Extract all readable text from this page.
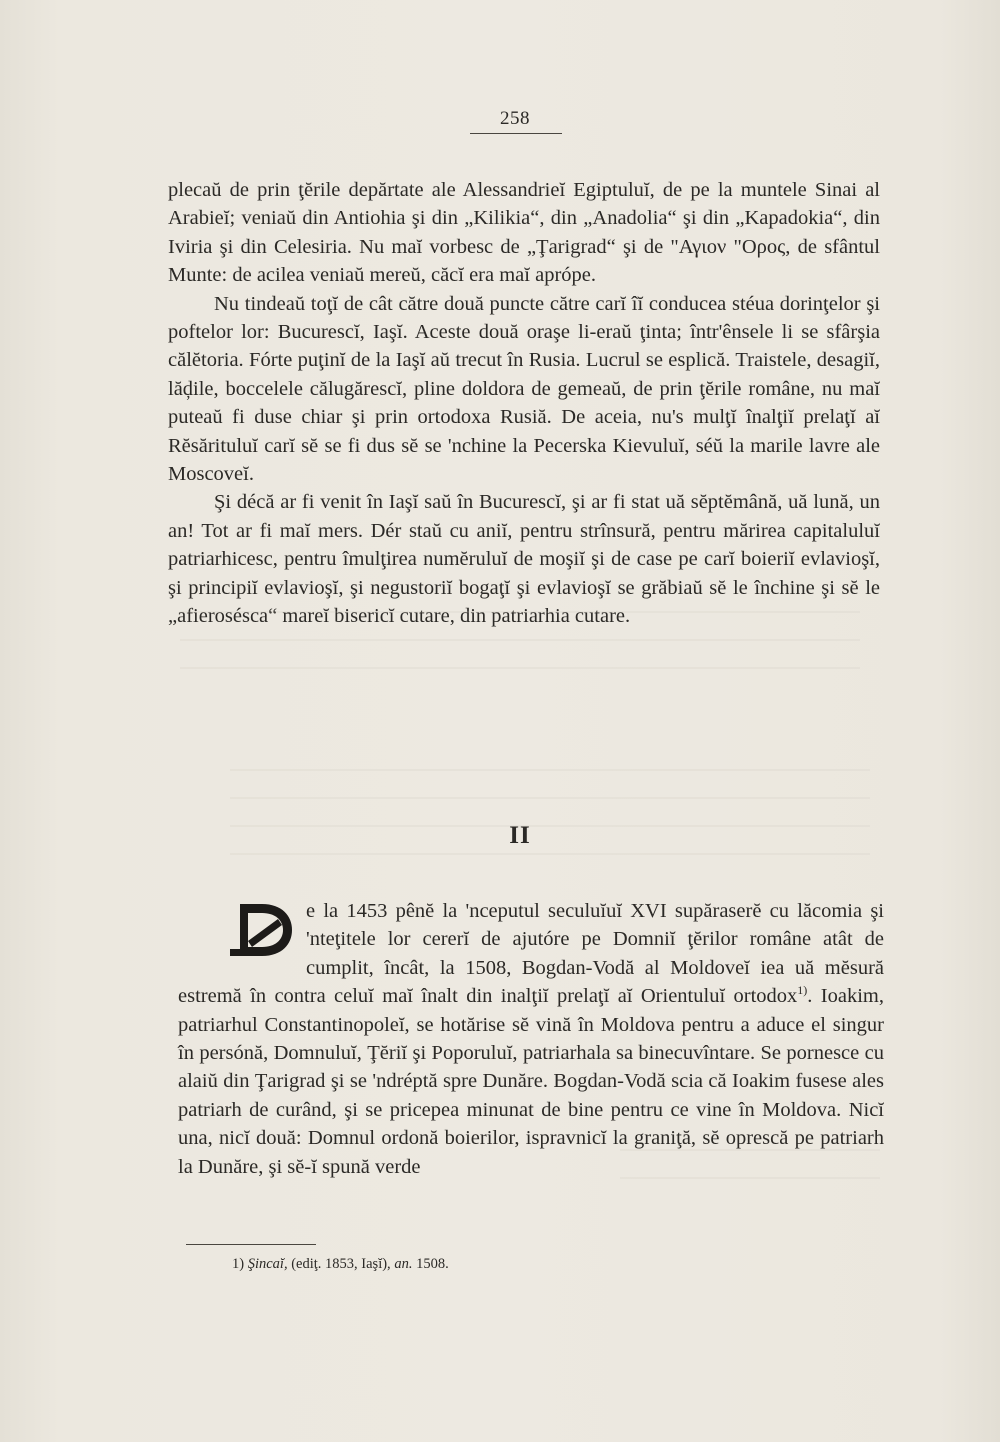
258

plecaŭ de prin ţĕrile depărtate ale Alessandrieĭ Egiptuluĭ, de pe la muntele Sinai al Arabieĭ; veniaŭ din Antiohia şi din „Kilikia“, din „Anadolia“ şi din „Kapadokia“, din Iviria şi din Celesiria. Nu maĭ vorbesc de „Ţarigrad“ şi de "Αγιον "Ορος, de sfântul Munte: de acilea veniaŭ mereŭ, căcĭ era maĭ aprópe.

Nu tindeaŭ toţĭ de cât către două puncte către carĭ îĭ conducea stéua dorinţelor şi poftelor lor: Bucurescĭ, Iaşĭ. Aceste două oraşe li-eraŭ ţinta; într'ênsele li se sfârşia călĕtoria. Fórte puţinĭ de la Iaşĭ aŭ trecut în Rusia. Lucrul se esplică. Traistele, desagiĭ, lăḑile, boccelele călugărescĭ, pline doldora de gemeaŭ, de prin ţĕrile române, nu maĭ puteaŭ fi duse chiar şi prin ortodoxa Rusiă. De aceia, nu's mulţĭ înalţiĭ prelaţĭ aĭ Rĕsărituluĭ carĭ sĕ se fi dus sĕ se 'nchine la Pecerska Kievuluĭ, séŭ la marile lavre ale Moscoveĭ.

Şi décă ar fi venit în Iaşĭ saŭ în Bucurescĭ, şi ar fi stat uă sĕptĕmână, uă lună, un an! Tot ar fi maĭ mers. Dér staŭ cu aniĭ, pentru strînsură, pentru mărirea capitaluluĭ patriarhicesc, pentru îmulţirea numĕruluĭ de moşiĭ şi de case pe carĭ boieriĭ evlavioşĭ, şi principiĭ evlavioşĭ, şi negustoriĭ bogaţĭ şi evlavioşĭ se grăbiaŭ sĕ le închine şi sĕ le „afierosésca“ mareĭ bisericĭ cutare, din patriarhia cutare.

II

e la 1453 pênĕ la 'nceputul seculuĭuĭ XVI supăraserĕ cu lăcomia şi 'nteţitele lor cererĭ de ajutóre pe Domniĭ ţĕrilor române atât de cumplit, încât, la 1508, Bogdan-Vodă al Moldoveĭ iea uă mĕsură estremă în contra celuĭ maĭ înalt din inalţiĭ prelaţĭ aĭ Orientuluĭ ortodox$^{1)}$. Ioakim, patriarhul Constantinopoleĭ, se hotărise sĕ vină în Moldova pentru a aduce el singur în persónă, Domnuluĭ, Ţĕriĭ şi Poporuluĭ, patriarhala sa binecuvîntare. Se pornesce cu alaiŭ din Ţarigrad şi se 'ndréptă spre Dunăre. Bogdan-Vodă scia că Ioakim fusese ales patriarh de curând, şi se pricepea minunat de bine pentru ce vine în Moldova. Nicĭ una, nicĭ două: Domnul ordonă boierilor, ispravnicĭ la graniţă, sĕ oprescă pe patriarh la Dunăre, şi sĕ-ĭ spună verde

1) Şincaĭ, (ediţ. 1853, Iaşĭ), an. 1508.
